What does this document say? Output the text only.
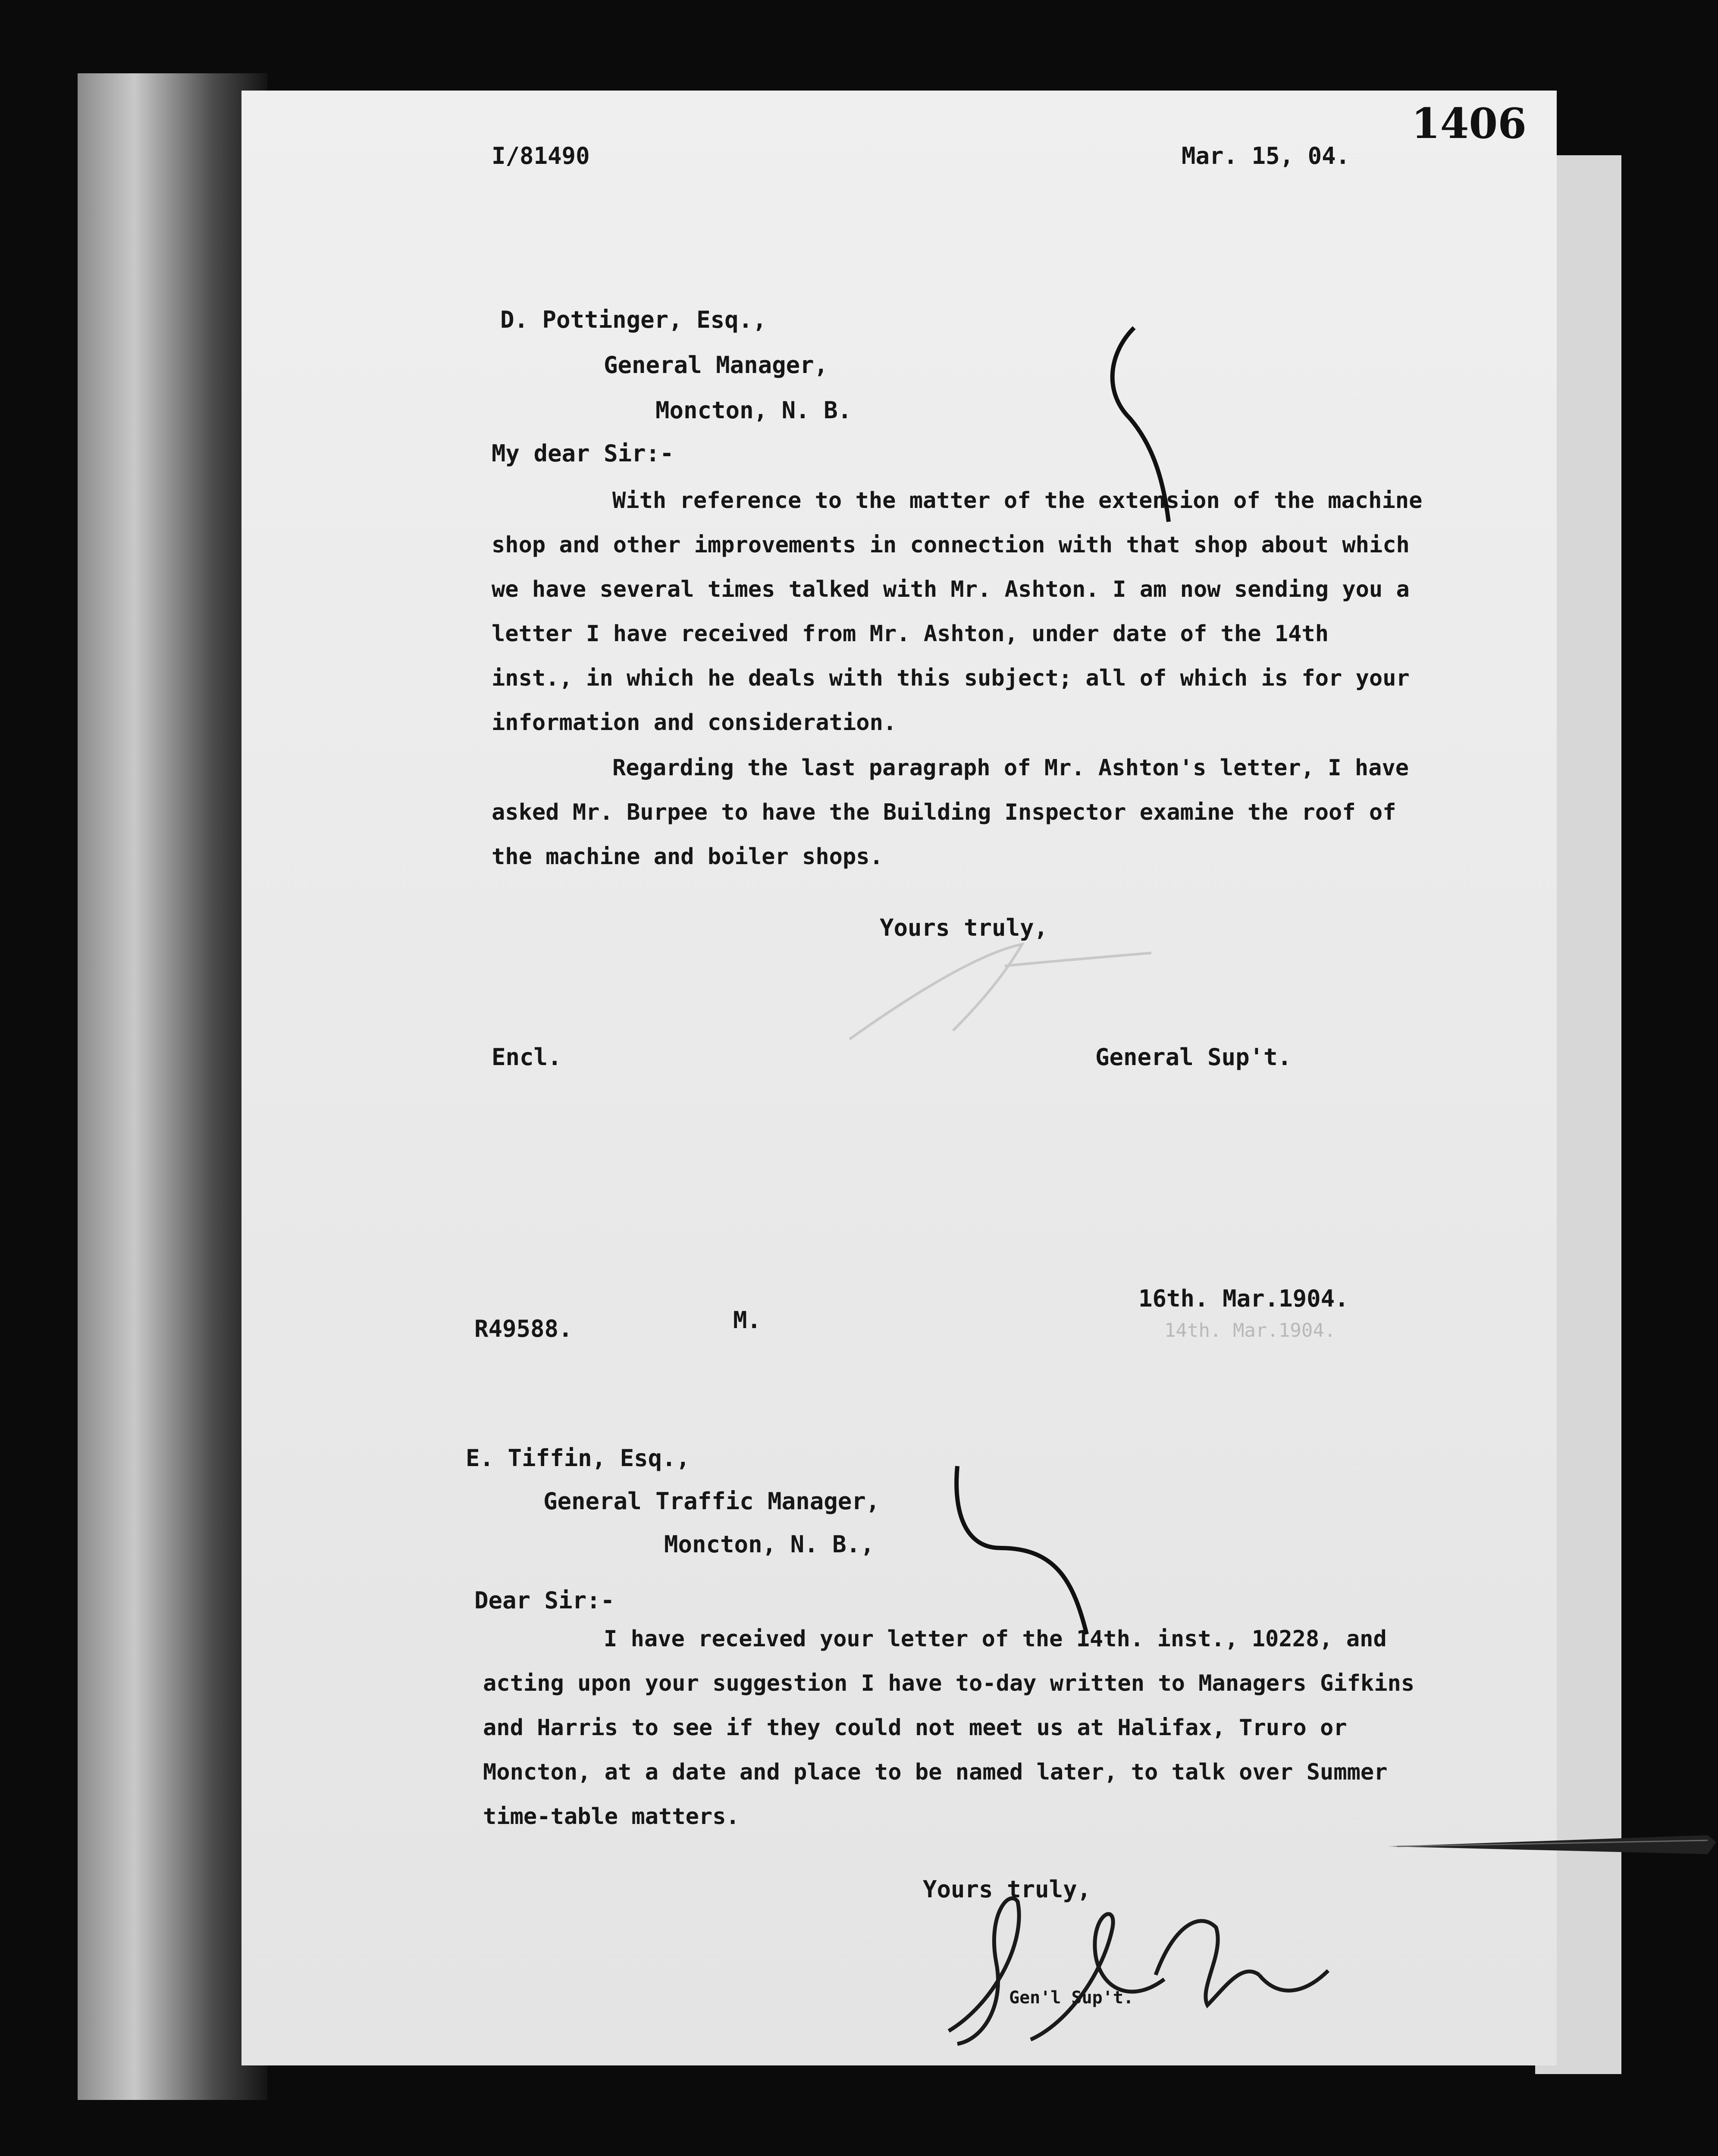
1406
I/81490	Mar. 15, 04.
D. Pottinger, Esq.,
General Manager,
Moncton, N. B.
My dear Sir:-

With reference to the matter of the extension of the machine shop and other improvements in connection with that shop about which we have several times talked with Mr. Ashton. I am now sending you a letter I have received from Mr. Ashton, under date of the 14th inst., in which he deals with this subject; all of which is for your information and consideration.

Regarding the last paragraph of Mr. Ashton's letter, I have asked Mr. Burpee to have the Building Inspector examine the roof of the machine and boiler shops.

Yours truly,
Encl.	General Sup't.
R49588.	M.
16th. Mar.1904.
14th. Mar.1904.
E. Tiffin, Esq.,
General Traffic Manager,
Moncton, N. B.,
Dear Sir:-

I have received your letter of the 14th. inst., 10228, and acting upon your suggestion I have to-day written to Managers Gifkins and Harris to see if they could not meet us at Halifax, Truro or Moncton, at a date and place to be named later, to talk over Summer time-table matters.

Yours truly,
Gen'l Sup't.
